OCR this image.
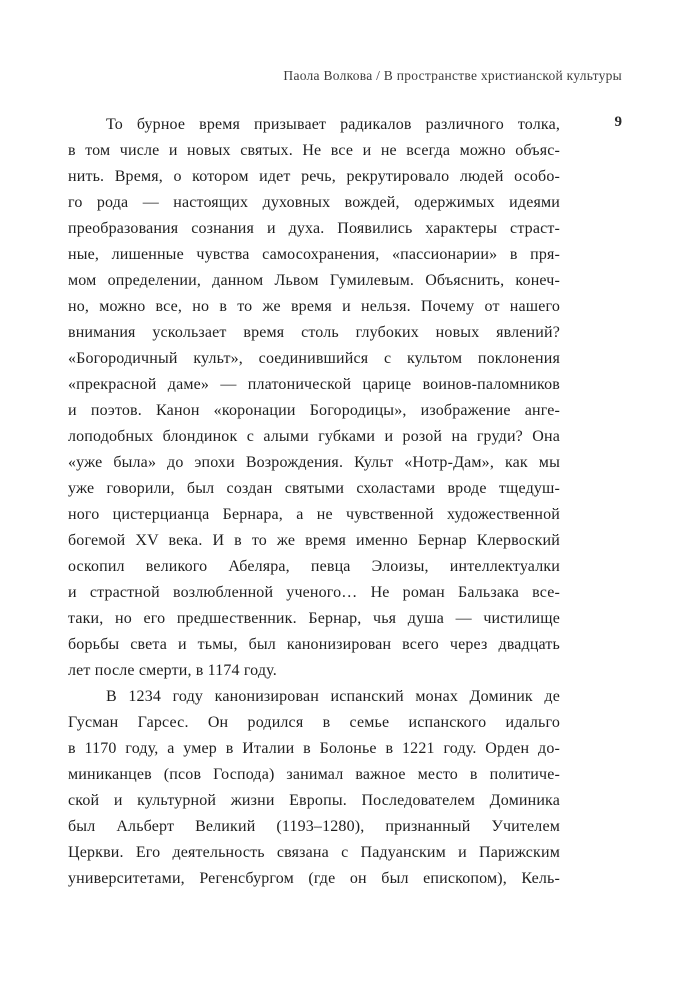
Паола Волкова / В пространстве христианской культуры
9
То бурное время призывает радикалов различного толка,
в том числе и новых святых. Не все и не всегда можно объяс-
нить. Время, о котором идет речь, рекрутировало людей особо-
го рода — настоящих духовных вождей, одержимых идеями
преобразования сознания и духа. Появились характеры страст-
ные, лишенные чувства самосохранения, «пассионарии» в пря-
мом определении, данном Львом Гумилевым. Объяснить, конеч-
но, можно все, но в то же время и нельзя. Почему от нашего
внимания ускользает время столь глубоких новых явлений?
«Богородичный культ», соединившийся с культом поклонения
«прекрасной даме» — платонической царице воинов-паломников
и поэтов. Канон «коронации Богородицы», изображение анге-
лоподобных блондинок с алыми губками и розой на груди? Она
«уже была» до эпохи Возрождения. Культ «Нотр-Дам», как мы
уже говорили, был создан святыми схоластами вроде тщедуш-
ного цистерцианца Бернара, а не чувственной художественной
богемой XV века. И в то же время именно Бернар Клервоский
оскопил великого Абеляра, певца Элоизы, интеллектуалки
и страстной возлюбленной ученого… Не роман Бальзака все-
таки, но его предшественник. Бернар, чья душа — чистилище
борьбы света и тьмы, был канонизирован всего через двадцать
лет после смерти, в 1174 году.
В 1234 году канонизирован испанский монах Доминик де
Гусман Гарсес. Он родился в семье испанского идальго
в 1170 году, а умер в Италии в Болонье в 1221 году. Орден до-
миниканцев (псов Господа) занимал важное место в политиче-
ской и культурной жизни Европы. Последователем Доминика
был Альберт Великий (1193–1280), признанный Учителем
Церкви. Его деятельность связана с Падуанским и Парижским
университетами, Регенсбургом (где он был епископом), Кель-
